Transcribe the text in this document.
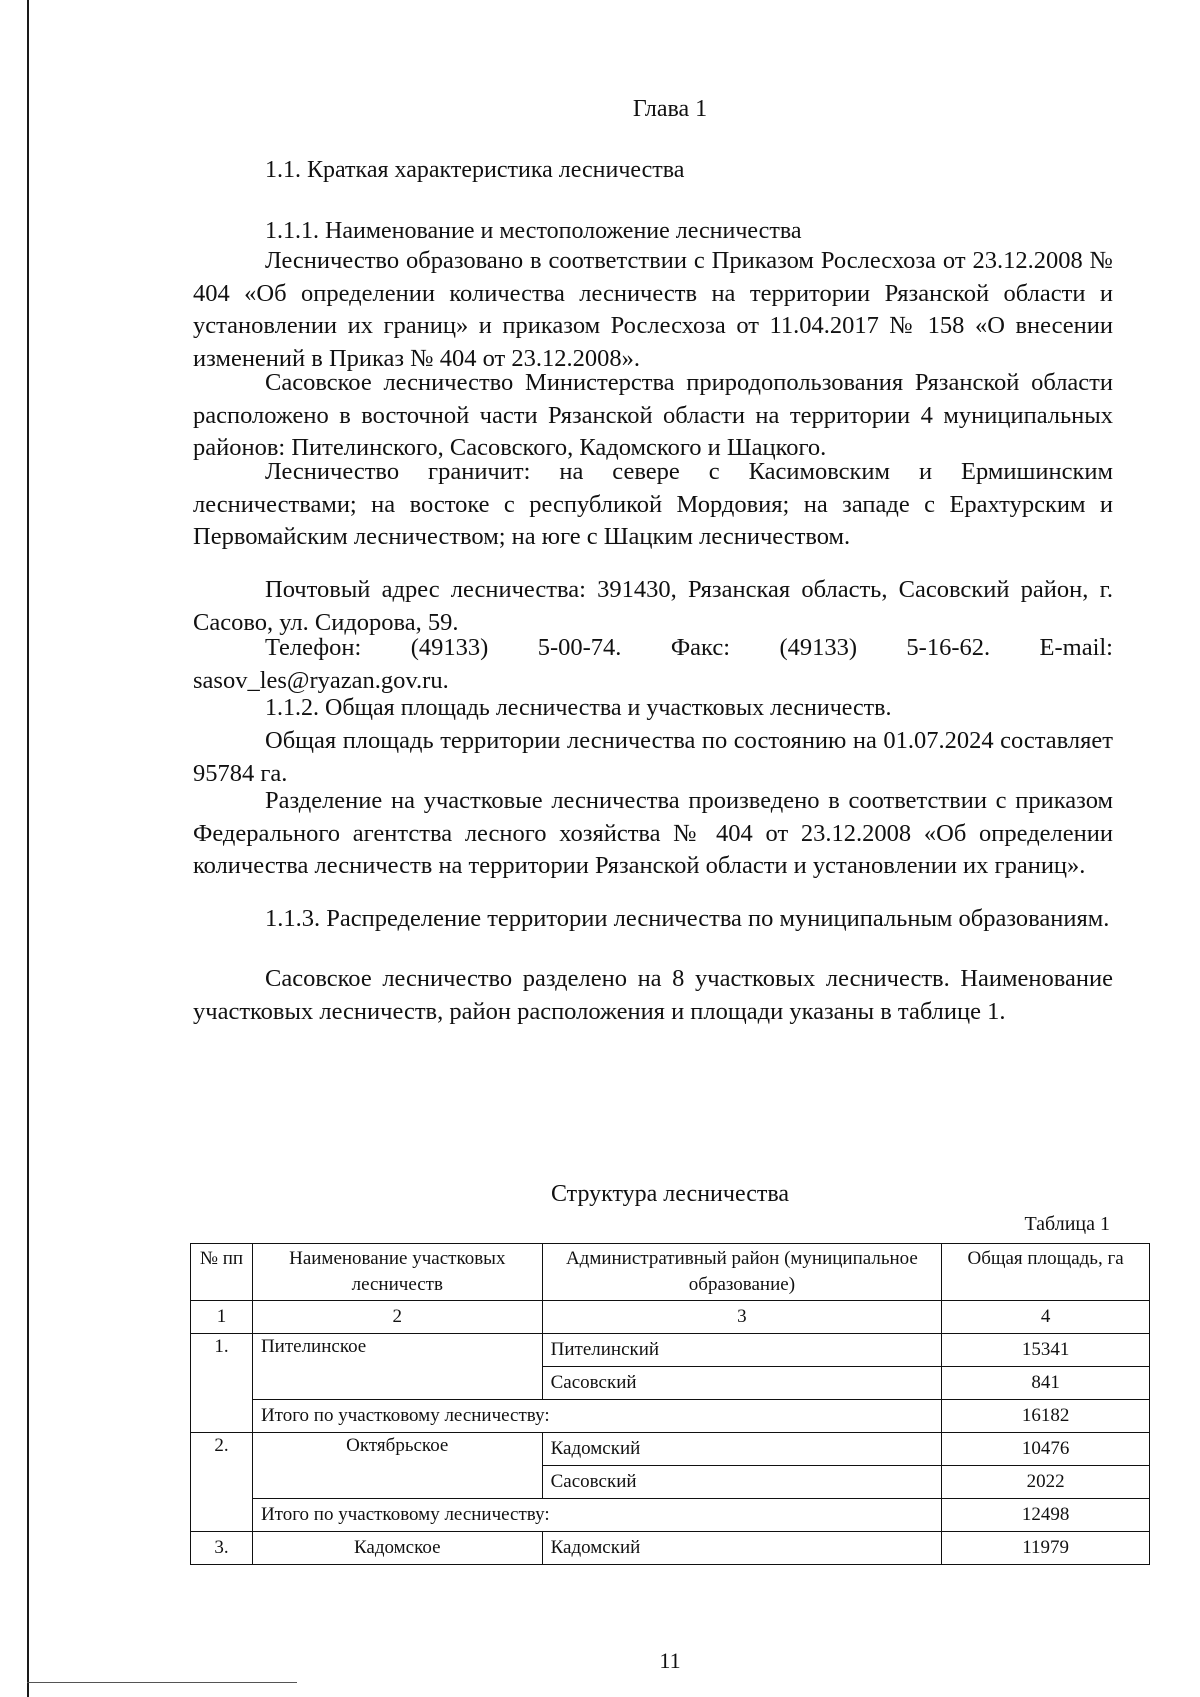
Глава 1
1.1. Краткая характеристика лесничества
1.1.1. Наименование и местоположение лесничества
Лесничество образовано в соответствии с Приказом Рослесхоза от 23.12.2008 № 404 «Об определении количества лесничеств на территории Рязанской области и установлении их границ» и приказом Рослесхоза от 11.04.2017 № 158 «О внесении изменений в Приказ № 404 от 23.12.2008».
Сасовское лесничество Министерства природопользования Рязанской области расположено в восточной части Рязанской области на территории 4 муниципальных районов: Пителинского, Сасовского, Кадомского и Шацкого.
Лесничество граничит: на севере с Касимовским и Ермишинским лесничествами; на востоке с республикой Мордовия; на западе с Ерахтурским и Первомайским лесничеством; на юге с Шацким лесничеством.
Почтовый адрес лесничества: 391430, Рязанская область, Сасовский район, г. Сасово, ул. Сидорова, 59.
Телефон: (49133) 5-00-74. Факс: (49133) 5-16-62. E-mail: sasov_les@ryazan.gov.ru.
1.1.2. Общая площадь лесничества и участковых лесничеств.
Общая площадь территории лесничества по состоянию на 01.07.2024 составляет 95784 га.
Разделение на участковые лесничества произведено в соответствии с приказом Федерального агентства лесного хозяйства № 404 от 23.12.2008 «Об определении количества лесничеств на территории Рязанской области и установлении их границ».
1.1.3. Распределение территории лесничества по муниципальным образованиям.
Сасовское лесничество разделено на 8 участковых лесничеств. Наименование участковых лесничеств, район расположения и площади указаны в таблице 1.
Структура лесничества
Таблица 1
№ пп	Наименование участковых лесничеств	Административный район (муниципальное образование)	Общая площадь, га
1	2	3	4
1.	Пителинское	Пителинский	15341
		Сасовский	841
	Итого по участковому лесничеству:		16182
2.	Октябрьское	Кадомский	10476
		Сасовский	2022
	Итого по участковому лесничеству:		12498
3.	Кадомское	Кадомский	11979
11
